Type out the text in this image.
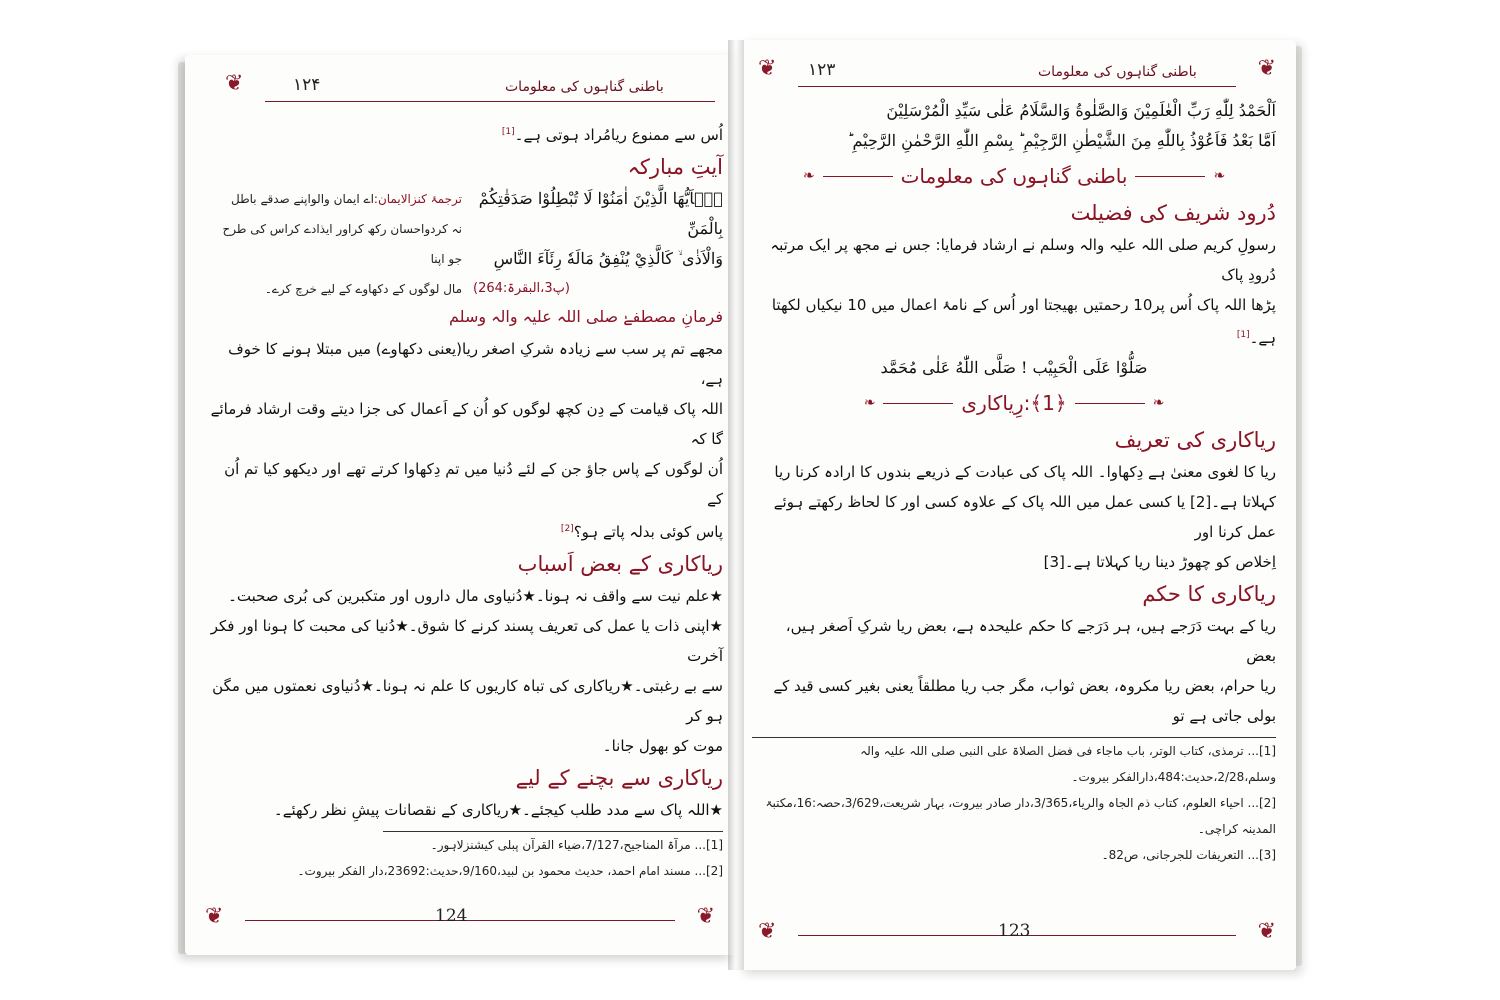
❦	۱۲۴	باطنی گناہوں کی معلومات

اُس سے ممنوع ریامُراد ہوتی ہے۔[1]

آیتِ مبارکہ

يٰۤاَيُّهَا الَّذِيْنَ اٰمَنُوْا لَا تُبْطِلُوْا صَدَقٰتِكُمْ بِالْمَنِّ

وَالْاَذٰى ۙ كَالَّذِيْ يُنْفِقُ مَالَهٗ رِئَآءَ النَّاسِ

(پ3،البقرۃ:264)

ترجمۂ کنزالایمان:اے ایمان والواپنے صدقے باطل

نہ کردواحسان رکھ کراور ایذادے کراس کی طرح جو اپنا

مال لوگوں کے دکھاوے کے لیے خرچ کرے۔

فرمانِ مصطفےٰ صلی اللہ علیہ والہ وسلم

مجھے تم پر سب سے زیادہ شرکِ اصغر ریا(یعنی دکھاوے) میں مبتلا ہونے کا خوف ہے،

اللہ پاک قیامت کے دِن کچھ لوگوں کو اُن کے اَعمال کی جزا دیتے وقت ارشاد فرمائے گا کہ

اُن لوگوں کے پاس جاؤ جن کے لئے دُنیا میں تم دِکھاوا کرتے تھے اور دیکھو کیا تم اُن کے

پاس کوئی بدلہ پاتے ہو؟[2]

ریاکاری کے بعض اَسباب

★علم نیت سے واقف نہ ہونا۔★دُنیاوی مال داروں اور متکبرین کی بُری صحبت۔

★اپنی ذات یا عمل کی تعریف پسند کرنے کا شوق۔★دُنیا کی محبت کا ہونا اور فکر آخرت

سے بے رغبتی۔★ریاکاری کی تباہ کاریوں کا علم نہ ہونا۔★دُنیاوی نعمتوں میں مگن ہو کر

موت کو بھول جانا۔

ریاکاری سے بچنے کے لیے

★اللہ پاک سے مدد طلب کیجئے۔★ریاکاری کے نقصانات پیشِ نظر رکھئے۔

[1]... مرآۃ المناجیح،7/127،ضیاء القرآن پبلی کیشنزلاہور۔

[2]... مسند امام احمد، حدیث محمود بن لبید،9/160،حدیث:23692،دار الفکر بیروت۔

❦	124	❦
❦ ۱۲۳	باطنی گناہوں کی معلومات	❦

اَلْحَمْدُ لِلّٰهِ رَبِّ الْعٰلَمِيْنَ وَالصَّلٰوةُ وَالسَّلَامُ عَلٰى سَيِّدِ الْمُرْسَلِيْنَ

اَمَّا بَعْدُ فَاَعُوْذُ بِاللّٰهِ مِنَ الشَّيْطٰنِ الرَّجِيْمِ ؕ بِسْمِ اللّٰهِ الرَّحْمٰنِ الرَّحِيْمِ ؕ

❧
باطنی گناہوں کی معلومات
❧

دُرود شریف کی فضیلت

رسولِ کریم صلی اللہ علیہ والہ وسلم نے ارشاد فرمایا: جس نے مجھ پر ایک مرتبہ دُرودِ پاک

پڑھا اللہ پاک اُس پر10 رحمتیں بھیجتا اور اُس کے نامۂ اعمال میں 10 نیکیاں لکھتا ہے۔[1]

صَلُّوْا عَلَى الْحَبِيْب ! صَلَّى اللّٰهُ عَلٰى مُحَمَّد

❧
﴿1﴾:رِیاکاری
❧

ریاکاری کی تعریف

ریا کا لغوی معنیٰ ہے دِکھاوا۔ اللہ پاک کی عبادت کے ذریعے بندوں کا ارادہ کرنا ریا

کہلاتا ہے۔[2] یا کسی عمل میں اللہ پاک کے علاوہ کسی اور کا لحاظ رکھتے ہوئے عمل کرنا اور

اِخلاص کو چھوڑ دینا ریا کہلاتا ہے۔[3]

ریاکاری کا حکم

ریا کے بہت دَرَجے ہیں، ہر دَرَجے کا حکم علیحدہ ہے، بعض ریا شرکِ اَصغر ہیں، بعض

ریا حرام، بعض ریا مکروہ، بعض ثواب، مگر جب ریا مطلقاً یعنی بغیر کسی قید کے بولی جاتی ہے تو

[1]... ترمذی، کتاب الوتر، باب ماجاء فی فضل الصلاۃ علی النبی صلی اللہ علیہ والہ وسلم،2/28،حدیث:484،دارالفکر بیروت۔

[2]... احیاء العلوم، کتاب ذم الجاہ والریاء،3/365،دار صادر بیروت، بہار شریعت،3/629،حصہ:16،مکتبۃ المدینہ کراچی۔

[3]... التعریفات للجرجانی، ص82۔

❦	123	❦
